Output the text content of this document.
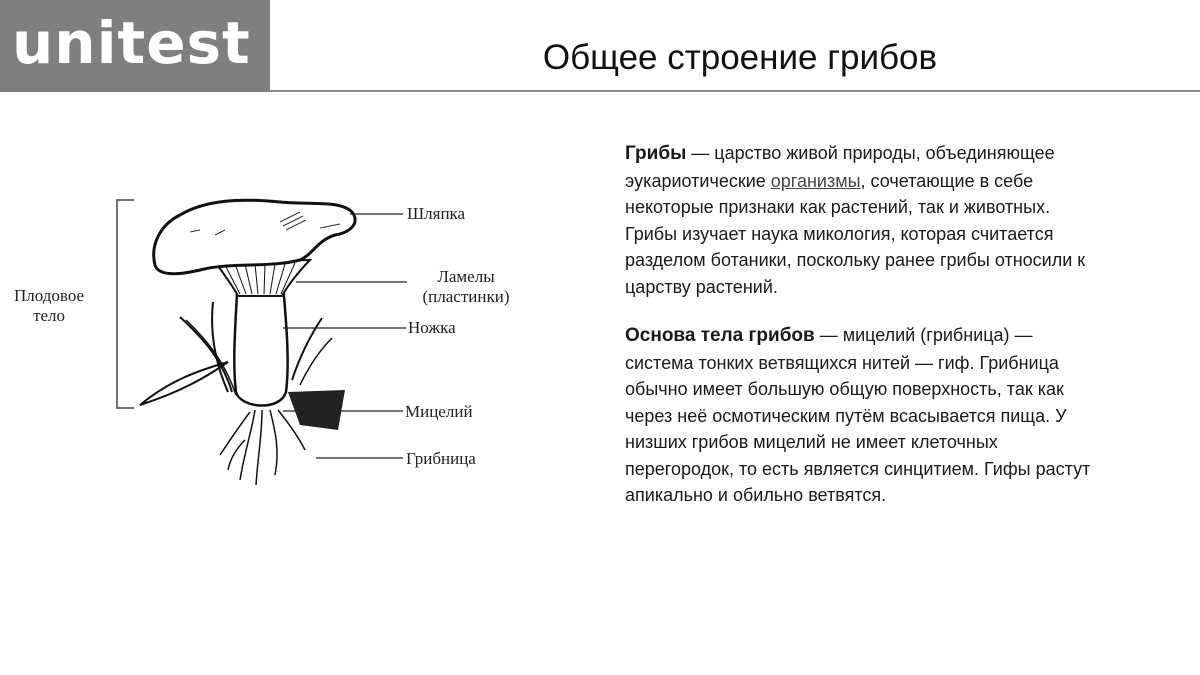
unitest	Общее строение грибов
Плодовое
тело
Шляпка
Ламелы
(пластинки)
Ножка
Мицелий
Грибница

Грибы — царство живой природы, объединяющее эукариотические организмы, сочетающие в себе некоторые признаки как растений, так и животных. Грибы изучает наука микология, которая считается разделом ботаники, поскольку ранее грибы относили к царству растений.

Основа тела грибов — мицелий (грибница) — система тонких ветвящихся нитей — гиф. Грибница обычно имеет большую общую поверхность, так как через неё осмотическим путём всасывается пища. У низших грибов мицелий не имеет клеточных перегородок, то есть является синцитием. Гифы растут апикально и обильно ветвятся.
